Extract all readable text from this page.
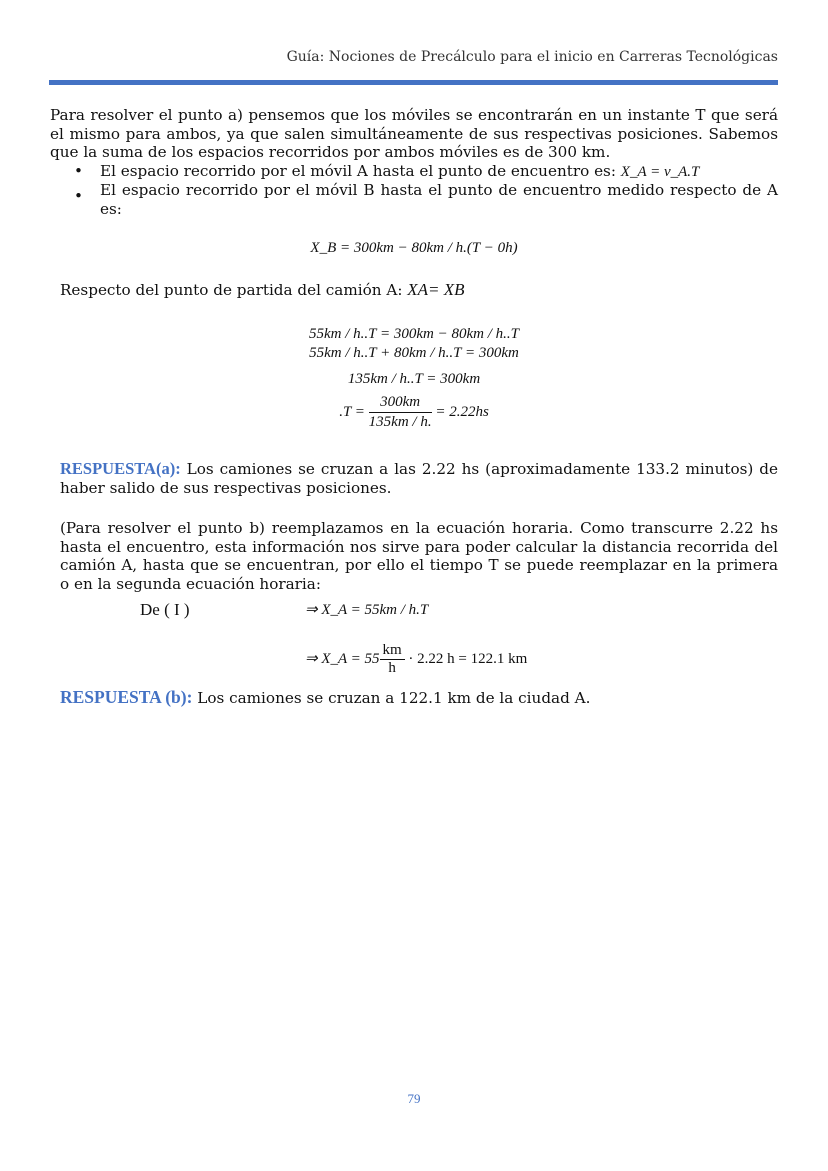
Guía: Nociones de Precálculo para el inicio en Carreras Tecnológicas
Para resolver el punto a) pensemos que los móviles se encontrarán en un instante T que será el mismo para ambos, ya que salen simultáneamente de sus respectivas posiciones. Sabemos que la suma de los espacios recorridos por ambos móviles es de 300 km.
• El espacio recorrido por el móvil A hasta el punto de encuentro es: X_A = v_A.T
• El espacio recorrido por el móvil B hasta el punto de encuentro medido respecto de A es:
X_B = 300km − 80km / h.(T − 0h)
Respecto del punto de partida del camión A: XA= XB
55km / h..T = 300km − 80km / h..T
55km / h..T + 80km / h..T = 300km
135km / h..T = 300km
$.T = \frac{300km}{135km / h.} = 2.22hs$
RESPUESTA(a): Los camiones se cruzan a las 2.22 hs (aproximadamente 133.2 minutos) de haber salido de sus respectivas posiciones.
(Para resolver el punto b) reemplazamos en la ecuación horaria. Como transcurre 2.22 hs hasta el encuentro, esta información nos sirve para poder calcular la distancia recorrida del camión A, hasta que se encuentran, por ello el tiempo T se puede reemplazar en la primera o en la segunda ecuación horaria:
De ( I )	⇒ X_A = 55km / h.T
⇒ X_A = $55 \frac{km}{h} \cdot 2.22$ h = 122.1 km
RESPUESTA (b): Los camiones se cruzan a 122.1 km de la ciudad A.
79
